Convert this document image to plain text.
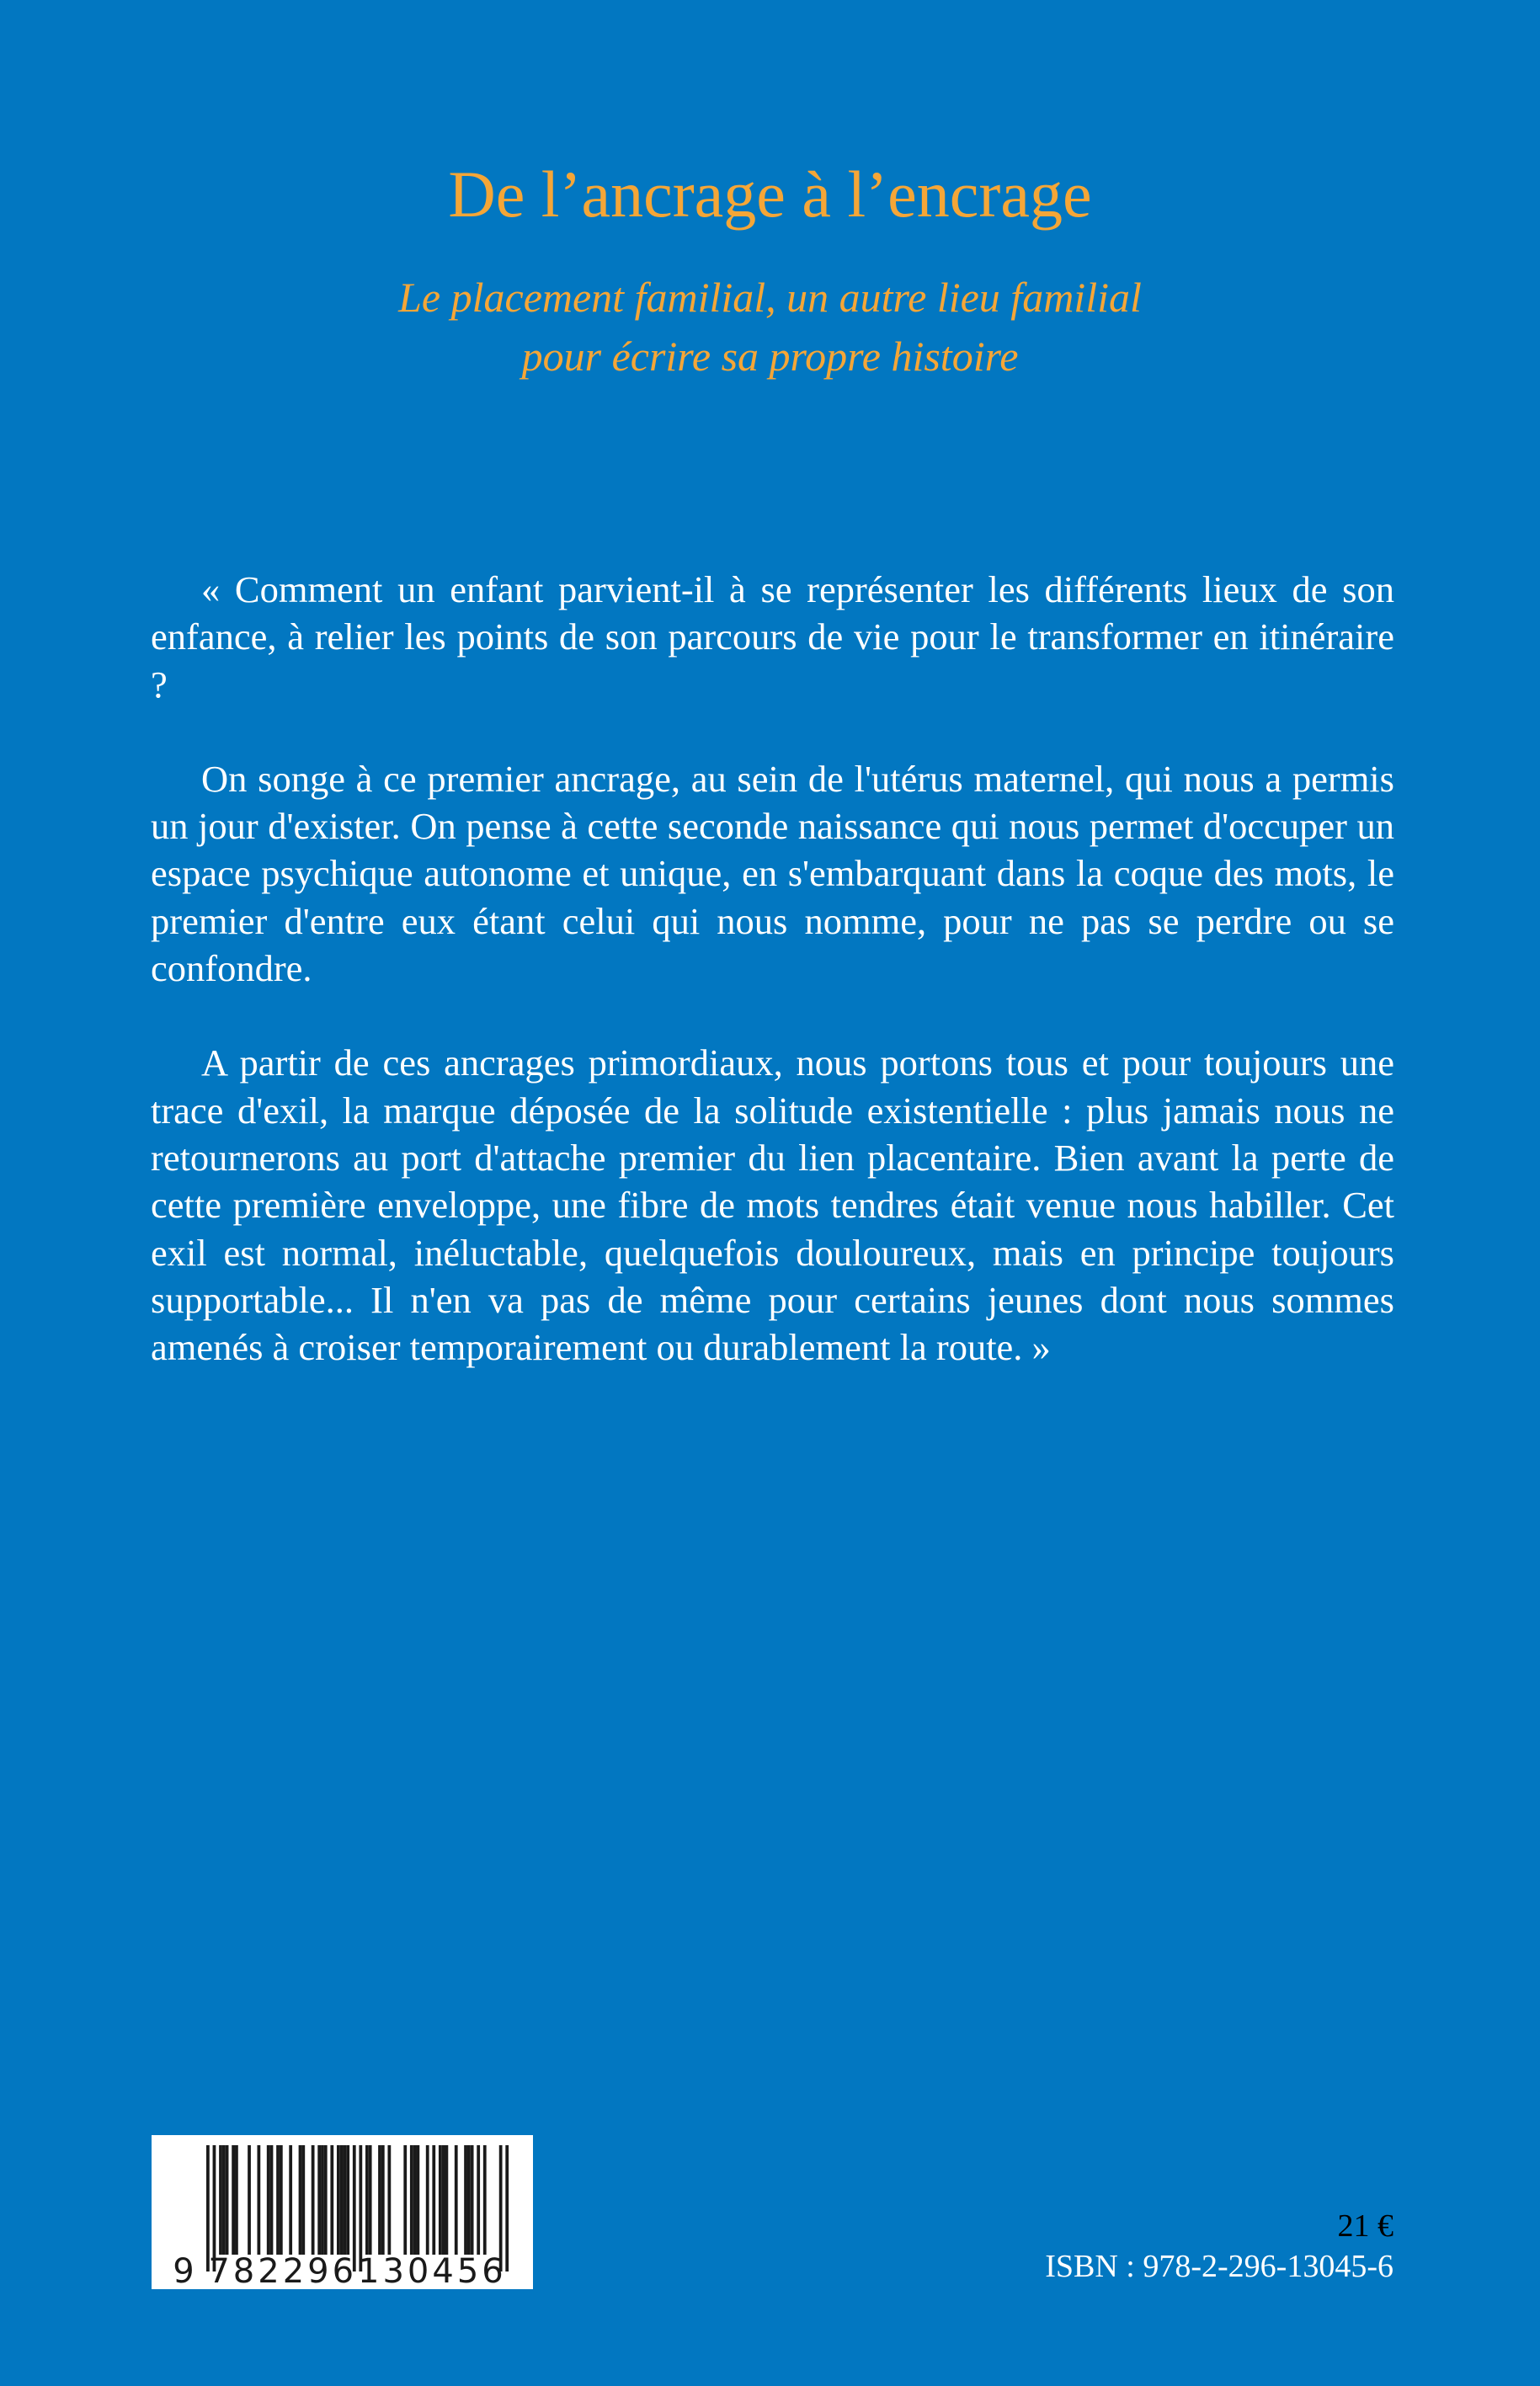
De l’ancrage à l’encrage
Le placement familial, un autre lieu familial
pour écrire sa propre histoire

« Comment un enfant parvient-il à se représenter les différents lieux de son enfance, à relier les points de son parcours de vie pour le transformer en itinéraire ?

On songe à ce premier ancrage, au sein de l'utérus maternel, qui nous a permis un jour d'exister. On pense à cette seconde naissance qui nous permet d'occuper un espace psychique autonome et unique, en s'embarquant dans la coque des mots, le premier d'entre eux étant celui qui nous nomme, pour ne pas se perdre ou se confondre.

A partir de ces ancrages primordiaux, nous portons tous et pour toujours une trace d'exil, la marque déposée de la solitude existentielle : plus jamais nous ne retournerons au port d'attache premier du lien placentaire. Bien avant la perte de cette première enveloppe, une fibre de mots tendres était venue nous habiller. Cet exil est normal, inéluctable, quelquefois douloureux, mais en principe toujours supportable... Il n'en va pas de même pour certains jeunes dont nous sommes amenés à croiser temporairement ou durablement la route. »

9 782296 130456
21 €
ISBN : 978-2-296-13045-6
